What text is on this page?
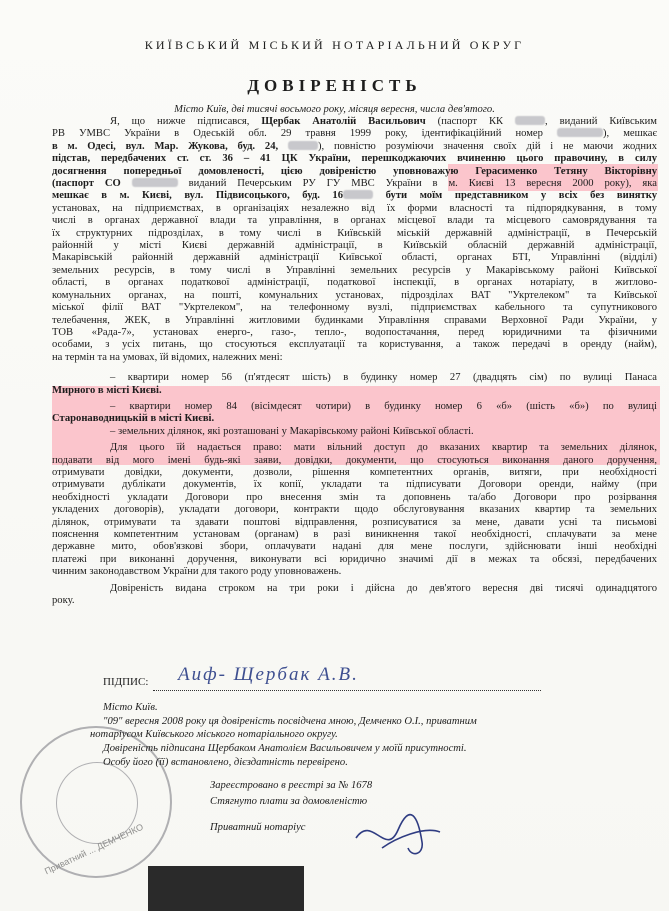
КИЇВСЬКИЙ МІСЬКИЙ НОТАРІАЛЬНИЙ ОКРУГ
ДОВІРЕНІСТЬ
Місто Київ, дві тисячі восьмого року, місяця вересня, числа дев'ятого.

Я, що нижче підписався, Щербак Анатолій Васильович (паспорт КК	, виданий Київським

РВ УМВС України в Одеській обл. 29 травня 1999 року, ідентифікаційний номер	), мешкає

в м. Одесі, вул. Мар. Жукова, буд. 24,	), повністю розуміючи значення своїх дій і не маючи жодних

підстав, передбачених ст. ст. 36 – 41 ЦК України, перешкоджаючих вчиненню цього правочину, в силу

досягнення попередньої домовленості, цією довіреністю уповноважую Герасименко Тетяну Вікторівну

(паспорт СО	виданий Печерським РУ ГУ МВС України в м. Києві 13 вересня 2000 року), яка

мешкає в м. Києві, вул. Підвисоцького, буд. 16	бути моїм представником у всіх без винятку

установах, на підприємствах, в організаціях незалежно від їх форми власності та підпорядкування, в тому

числі в органах державної влади та управління, в органах місцевої влади та місцевого самоврядування та

їх структурних підрозділах, в тому числі в Київській міській державній адміністрації, в Печерській

районній у місті Києві державній адміністрації, в Київській обласній державній адміністрації,

Макарівській районній державній адміністрації Київської області, органах БТІ, Управлінні (відділі)

земельних ресурсів, в тому числі в Управлінні земельних ресурсів у Макарівському районі Київської

області, в органах податкової адміністрації, податкової інспекції, в органах нотаріату, в житлово-

комунальних органах, на пошті, комунальних установах, підрозділах ВАТ "Укртелеком" та Київської

міської філії ВАТ "Укртелеком", на телефонному вузлі, підприємствах кабельного та супутникового

телебачення, ЖЕК, в Управлінні житловими будинками Управління справами Верховної Ради України, у

ТОВ «Рада-7», установах енерго-, газо-, тепло-, водопостачання, перед юридичними та фізичними

особами, з усіх питань, що стосуються експлуатації та користування, а також передачі в оренду (найм),

на термін та на умовах, їй відомих, належних мені:

– квартири номер 56 (п'ятдесят шість) в будинку номер 27 (двадцять сім) по вулиці Панаса

Мирного в місті Києві.

– квартири номер 84 (вісімдесят чотири) в будинку номер 6 «б» (шість «б») по вулиці

Старонаводницькій в місті Києві.

– земельних ділянок, які розташовані у Макарівському районі Київської області.

Для цього їй надається право: мати вільний доступ до вказаних квартир та земельних ділянок,

подавати від мого імені будь-які заяви, довідки, документи, що стосуються виконання даного доручення,

отримувати довідки, документи, дозволи, рішення компетентних органів, витяги, при необхідності

отримувати дублікати документів, їх копії, укладати та підписувати Договори оренди, найму (при

необхідності укладати Договори про внесення змін та доповнень та/або Договори про розірвання

укладених договорів), укладати договори, контракти щодо обслуговування вказаних квартир та земельних

ділянок, отримувати та здавати поштові відправлення, розписуватися за мене, давати усні та письмові

пояснення компетентним установам (органам) в разі виникнення такої необхідності, сплачувати за мене

державне мито, обов'язкові збори, оплачувати надані для мене послуги, здійснювати інші необхідні

платежі при виконанні доручення, виконувати всі юридично значимі дії в межах та обсязі, передбачених

чинним законодавством України для такого роду уповноважень.

Довіреність видана строком на три роки і дійсна до дев'ятого вересня дві тисячі одинадцятого

року.

ПІДПИС: Аиф- Щербак А.В.
Приватний ... ДЕМЧЕНКО
Місто Київ.
"09" вересня 2008 року ця довіреність посвідчена мною, Демченко О.І., приватним
нотаріусом Київського міського нотаріального округу.
Довіреність підписана Щербаком Анатолієм Васильовичем у моїй присутності.
Особу його (її) встановлено, дієздатність перевірено.
Зареєстровано в реєстрі за № 1678
Стягнуто плати за домовленістю
Приватний нотаріус
